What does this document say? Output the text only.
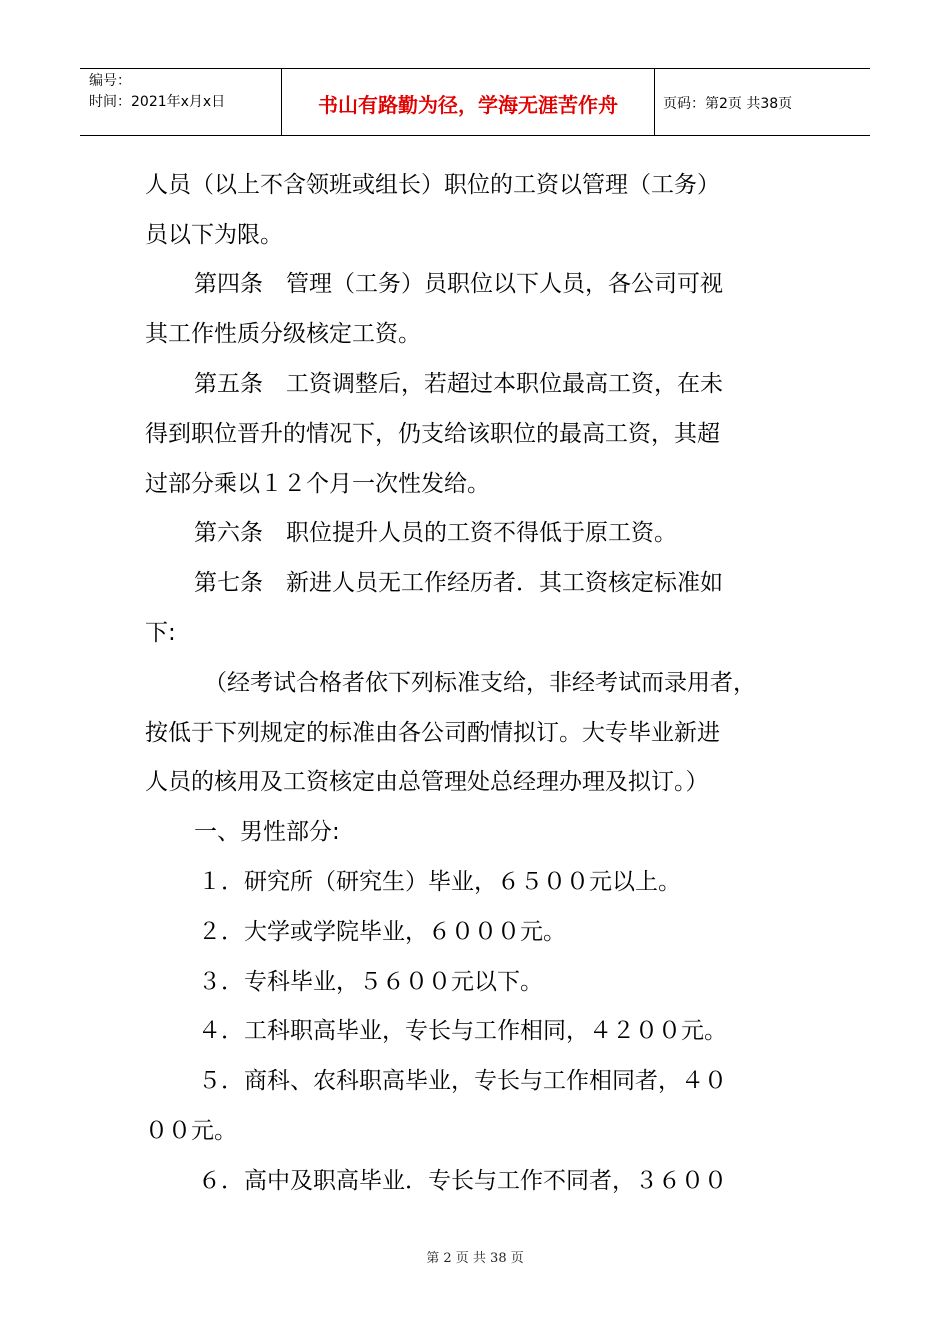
编号：
时间：2021年x月x日	书山有路勤为径，学海无涯苦作舟	页码：第2页 共38页
人员（以上不含领班或组长）职位的工资以管理（工务）
员以下为限。
第四条　管理（工务）员职位以下人员，各公司可视
其工作性质分级核定工资。
第五条　工资调整后，若超过本职位最高工资，在未
得到职位晋升的情况下，仍支给该职位的最高工资，其超
过部分乘以１２个月一次性发给。
第六条　职位提升人员的工资不得低于原工资。
第七条　新进人员无工作经历者．其工资核定标准如
下:
（经考试合格者依下列标准支给，非经考试而录用者，
按低于下列规定的标准由各公司酌情拟订。大专毕业新进
人员的核用及工资核定由总管理处总经理办理及拟订。）
一、男性部分:
１．研究所（研究生）毕业，６５００元以上。
２．大学或学院毕业，６０００元。
３．专科毕业，５６００元以下。
４．工科职高毕业，专长与工作相同，４２００元。
５．商科、农科职高毕业，专长与工作相同者，４０
００元。
６．高中及职高毕业．专长与工作不同者，３６００
第 2 页 共 38 页
